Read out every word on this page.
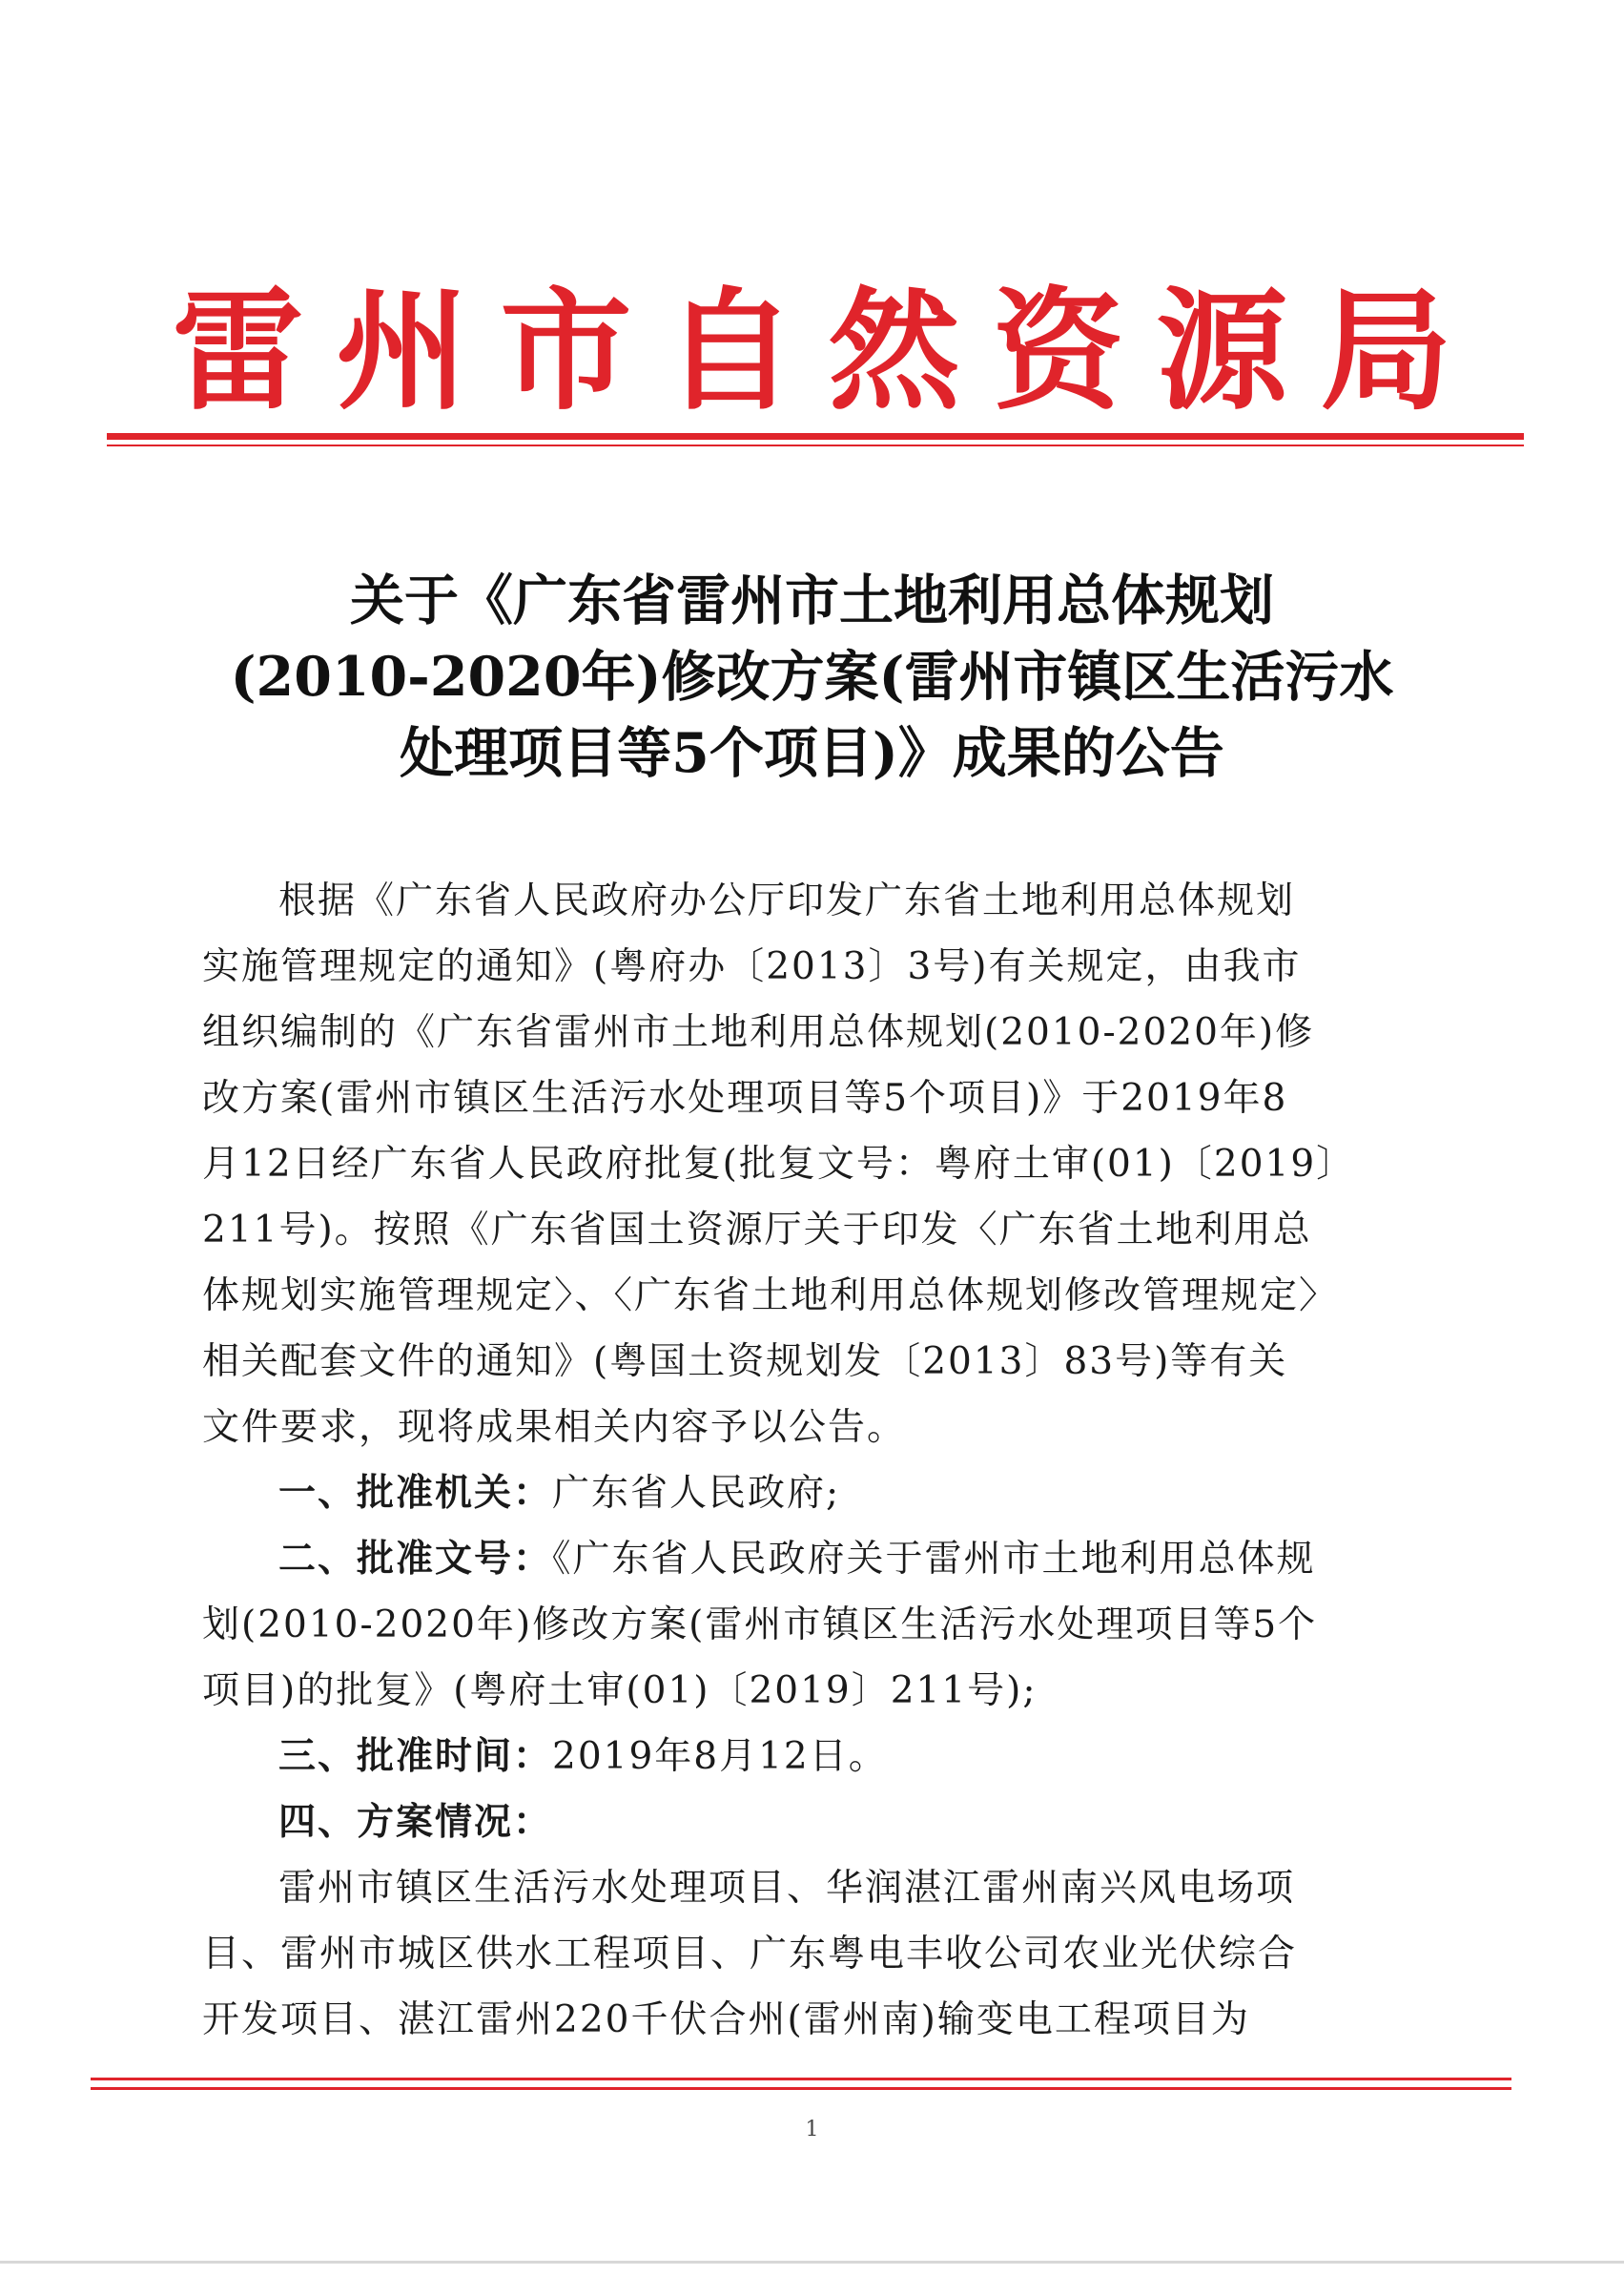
雷州市自然资源局
关于《广东省雷州市土地利用总体规划
(2010-2020年)修改方案(雷州市镇区生活污水
处理项目等5个项目)》成果的公告
根据《广东省人民政府办公厅印发广东省土地利用总体规划
实施管理规定的通知》(粤府办〔2013〕3号)有关规定，由我市
组织编制的《广东省雷州市土地利用总体规划(2010-2020年)修
改方案(雷州市镇区生活污水处理项目等5个项目)》于2019年8
月12日经广东省人民政府批复(批复文号：粤府土审(01)〔2019〕
211号)。按照《广东省国土资源厅关于印发〈广东省土地利用总
体规划实施管理规定〉、〈广东省土地利用总体规划修改管理规定〉
相关配套文件的通知》(粤国土资规划发〔2013〕83号)等有关
文件要求，现将成果相关内容予以公告。
一、批准机关：广东省人民政府;
二、批准文号：《广东省人民政府关于雷州市土地利用总体规
划(2010-2020年)修改方案(雷州市镇区生活污水处理项目等5个
项目)的批复》(粤府土审(01)〔2019〕211号);
三、批准时间：2019年8月12日。
四、方案情况：
雷州市镇区生活污水处理项目、华润湛江雷州南兴风电场项
目、雷州市城区供水工程项目、广东粤电丰收公司农业光伏综合
开发项目、湛江雷州220千伏合州(雷州南)输变电工程项目为
1
